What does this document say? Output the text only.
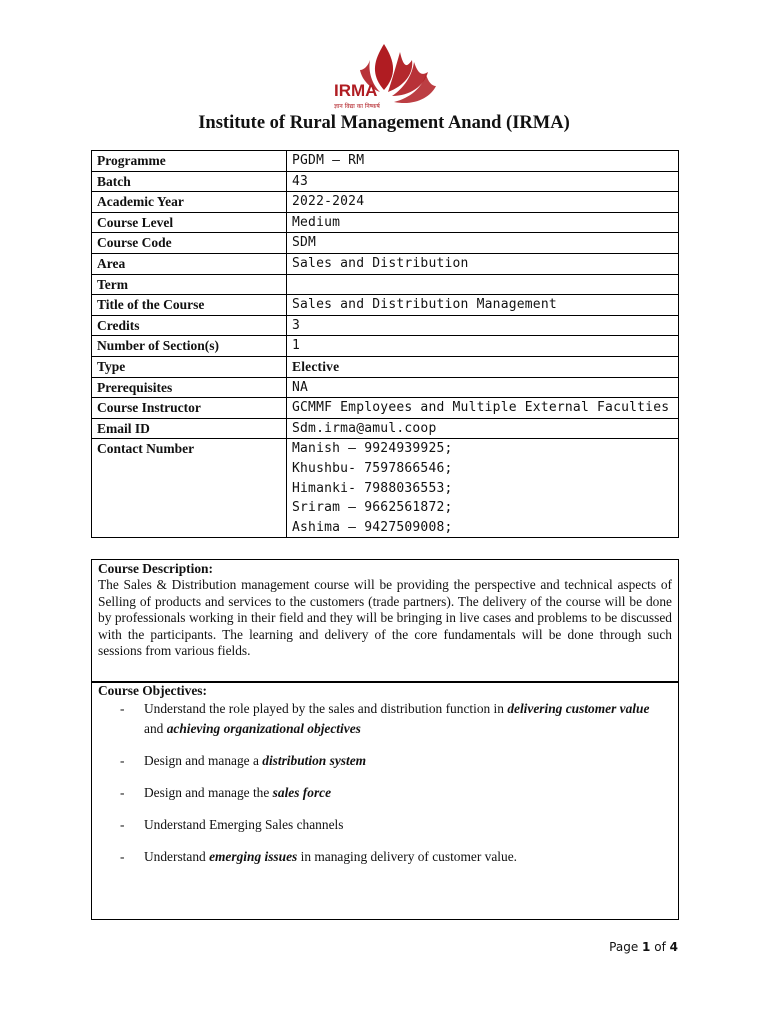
IRMA
ज्ञान विद्या का निष्कर्ष
Institute of Rural Management Anand (IRMA)
Programme	PGDM – RM
Batch	43
Academic Year	2022-2024
Course Level	Medium
Course Code	SDM
Area	Sales and Distribution
Term	
Title of the Course	Sales and Distribution Management
Credits	3
Number of Section(s)	1
Type	Elective
Prerequisites	NA
Course Instructor	GCMMF Employees and Multiple External Faculties
Email ID	Sdm.irma@amul.coop
Contact Number	Manish – 9924939925;
Khushbu- 7597866546;
Himanki- 7988036553;
Sriram – 9662561872;
Ashima – 9427509008;
Course Description:
The Sales & Distribution management course will be providing the perspective and technical aspects of Selling of products and services to the customers (trade partners). The delivery of the course will be done by professionals working in their field and they will be bringing in live cases and problems to be discussed with the participants. The learning and delivery of the core fundamentals will be done through such sessions from various fields.
Course Objectives:
- Understand the role played by the sales and distribution function in delivering customer value and achieving organizational objectives
- Design and manage a distribution system
- Design and manage the sales force
- Understand Emerging Sales channels
- Understand emerging issues in managing delivery of customer value.
Page 1 of 4
